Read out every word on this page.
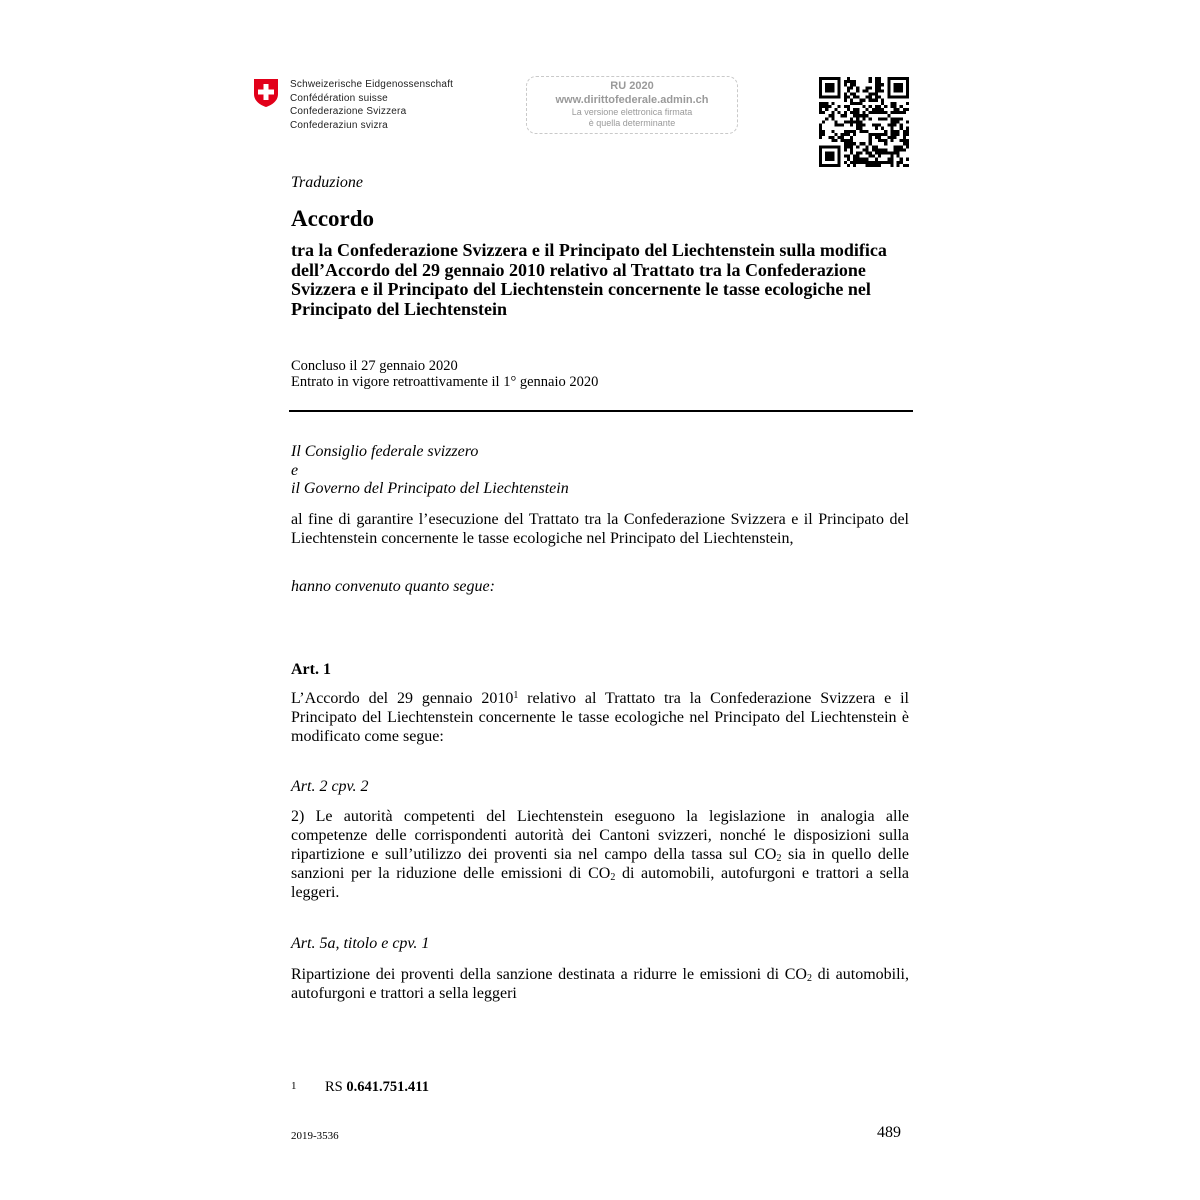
Schweizerische Eidgenossenschaft
Confédération suisse
Confederazione Svizzera
Confederaziun svizra
RU 2020
www.dirittofederale.admin.ch
La versione elettronica firmata
è quella determinante
Traduzione
Accordo
tra la Confederazione Svizzera e il Principato del Liechtenstein sulla modifica dell’Accordo del 29 gennaio 2010 relativo al Trattato tra la Confederazione Svizzera e il Principato del Liechtenstein concernente le tasse ecologiche nel Principato del Liechtenstein
Concluso il 27 gennaio 2020
Entrato in vigore retroattivamente il 1° gennaio 2020
Il Consiglio federale svizzero
e
il Governo del Principato del Liechtenstein
al fine di garantire l’esecuzione del Trattato tra la Confederazione Svizzera e il Principato del Liechtenstein concernente le tasse ecologiche nel Principato del Liechtenstein,
hanno convenuto quanto segue:
Art. 1
L’Accordo del 29 gennaio 2010$^1$ relativo al Trattato tra la Confederazione Svizzera e il Principato del Liechtenstein concernente le tasse ecologiche nel Principato del Liechtenstein è modificato come segue:
Art. 2 cpv. 2
2) Le autorità competenti del Liechtenstein eseguono la legislazione in analogia alle competenze delle corrispondenti autorità dei Cantoni svizzeri, nonché le disposizioni sulla ripartizione e sull’utilizzo dei proventi sia nel campo della tassa sul $CO_2$ sia in quello delle sanzioni per la riduzione delle emissioni di $CO_2$ di automobili, autofurgoni e trattori a sella leggeri.
Art. 5a, titolo e cpv. 1
Ripartizione dei proventi della sanzione destinata a ridurre le emissioni di $CO_2$ di automobili, autofurgoni e trattori a sella leggeri
1 RS 0.641.751.411
2019-3536	489
